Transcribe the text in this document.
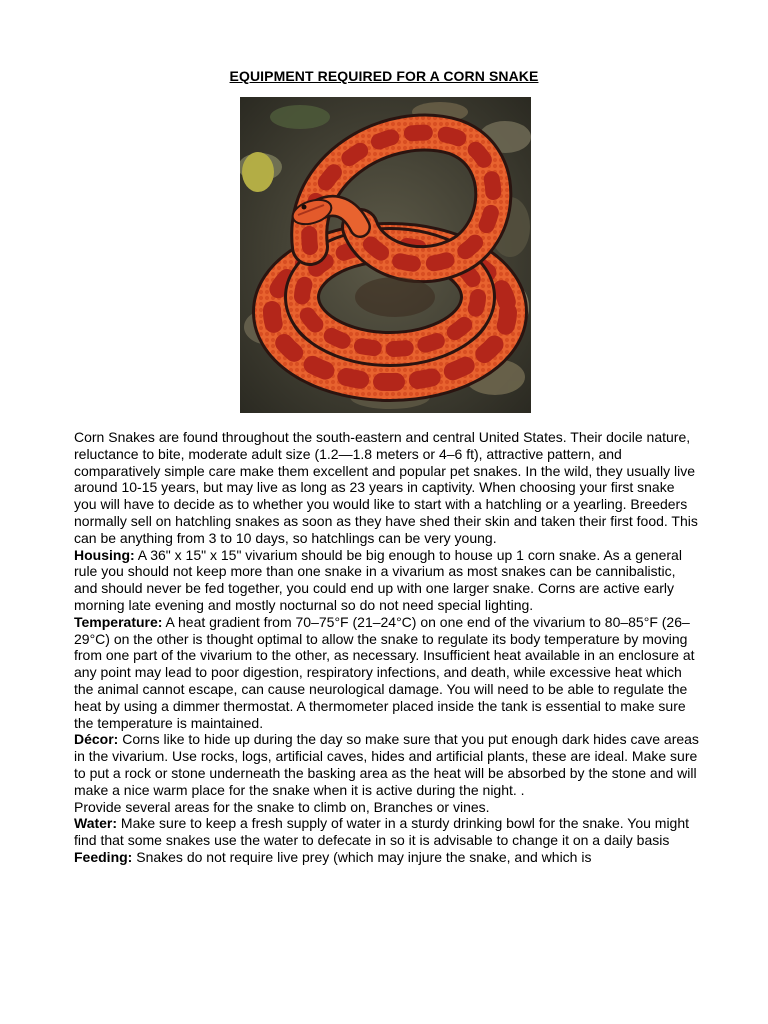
EQUIPMENT REQUIRED FOR A CORN SNAKE

Corn Snakes are found throughout the south-eastern and central United States. Their docile nature, reluctance to bite, moderate adult size (1.2—1.8 meters or 4–6 ft), attractive pattern, and comparatively simple care make them excellent and popular pet snakes. In the wild, they usually live around 10-15 years, but may live as long as 23 years in captivity. When choosing your first snake you will have to decide as to whether you would like to start with a hatchling or a yearling. Breeders normally sell on hatchling snakes as soon as they have shed their skin and taken their first food. This can be anything from 3 to 10 days, so hatchlings can be very young.

Housing: A 36" x 15" x 15" vivarium should be big enough to house up 1 corn snake. As a general rule you should not keep more than one snake in a vivarium as most snakes can be cannibalistic, and should never be fed together, you could end up with one larger snake. Corns are active early morning late evening and mostly nocturnal so do not need special lighting.

Temperature: A heat gradient from 70–75°F (21–24°C) on one end of the vivarium to 80–85°F (26–29°C) on the other is thought optimal to allow the snake to regulate its body temperature by moving from one part of the vivarium to the other, as necessary. Insufficient heat available in an enclosure at any point may lead to poor digestion, respiratory infections, and death, while excessive heat which the animal cannot escape, can cause neurological damage. You will need to be able to regulate the heat by using a dimmer thermostat. A thermometer placed inside the tank is essential to make sure the temperature is maintained.

Décor: Corns like to hide up during the day so make sure that you put enough dark hides cave areas in the vivarium. Use rocks, logs, artificial caves, hides and artificial plants, these are ideal. Make sure to put a rock or stone underneath the basking area as the heat will be absorbed by the stone and will make a nice warm place for the snake when it is active during the night. .

Provide several areas for the snake to climb on, Branches or vines.

Water: Make sure to keep a fresh supply of water in a sturdy drinking bowl for the snake. You might find that some snakes use the water to defecate in so it is advisable to change it on a daily basis

Feeding: Snakes do not require live prey (which may injure the snake, and which is
